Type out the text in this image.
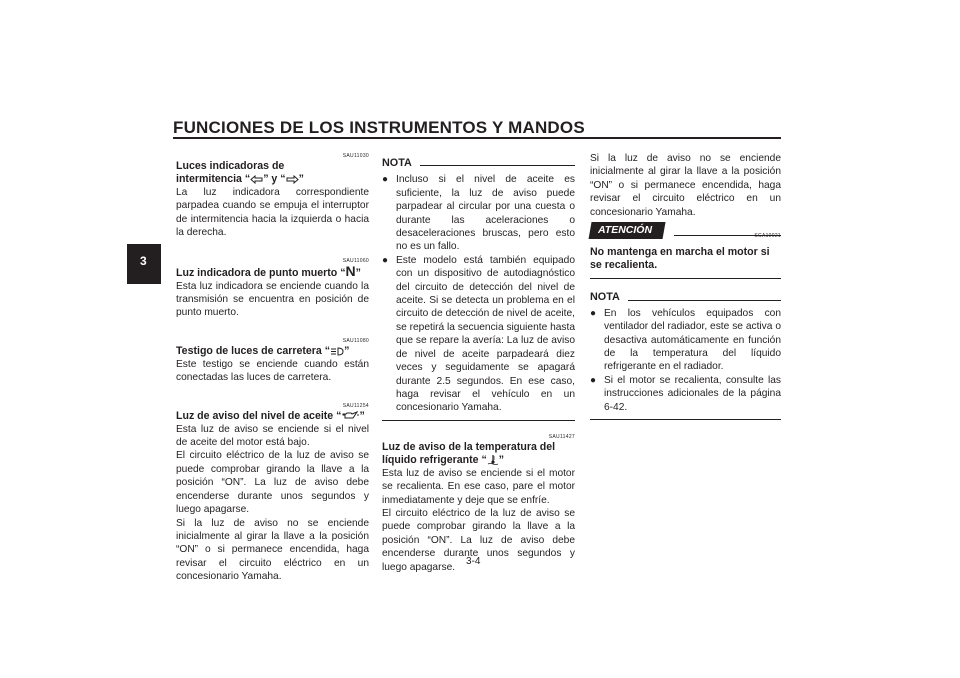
FUNCIONES DE LOS INSTRUMENTOS Y MANDOS
3
SAU11030
Luces indicadoras de
intermitencia “ ” y “ ”
La luz indicadora correspondiente parpadea cuando se empuja el interruptor de intermitencia hacia la izquierda o hacia la derecha.
SAU11060
Luz indicadora de punto muerto “N”
Esta luz indicadora se enciende cuando la transmisión se encuentra en posición de punto muerto.
SAU11080
Testigo de luces de carretera “ ”
Este testigo se enciende cuando están conectadas las luces de carretera.
SAU11254
Luz de aviso del nivel de aceite “ ”
Esta luz de aviso se enciende si el nivel de aceite del motor está bajo.
El circuito eléctrico de la luz de aviso se puede comprobar girando la llave a la posición “ON”. La luz de aviso debe encenderse durante unos segundos y luego apagarse.
Si la luz de aviso no se enciende inicialmente al girar la llave a la posición “ON” o si permanece encendida, haga revisar el circuito eléctrico en un concesionario Yamaha.
NOTA
● Incluso si el nivel de aceite es suficiente, la luz de aviso puede parpadear al circular por una cuesta o durante las aceleraciones o desaceleraciones bruscas, pero esto no es un fallo.
● Este modelo está también equipado con un dispositivo de autodiagnóstico del circuito de detección del nivel de aceite. Si se detecta un problema en el circuito de detección de nivel de aceite, se repetirá la secuencia siguiente hasta que se repare la avería: La luz de aviso de nivel de aceite parpadeará diez veces y seguidamente se apagará durante 2.5 segundos. En ese caso, haga revisar el vehículo en un concesionario Yamaha.
SAU11427
Luz de aviso de la temperatura del líquido refrigerante “ ”
Esta luz de aviso se enciende si el motor se recalienta. En ese caso, pare el motor inmediatamente y deje que se enfríe.
El circuito eléctrico de la luz de aviso se puede comprobar girando la llave a la posición “ON”. La luz de aviso debe encenderse durante unos segundos y luego apagarse.
Si la luz de aviso no se enciende inicialmente al girar la llave a la posición “ON” o si permanece encendida, haga revisar el circuito eléctrico en un concesionario Yamaha.
ATENCIÓN
SCA10021
No mantenga en marcha el motor si se recalienta.
NOTA
● En los vehículos equipados con ventilador del radiador, este se activa o desactiva automáticamente en función de la temperatura del líquido refrigerante en el radiador.
● Si el motor se recalienta, consulte las instrucciones adicionales de la página 6-42.
3-4
